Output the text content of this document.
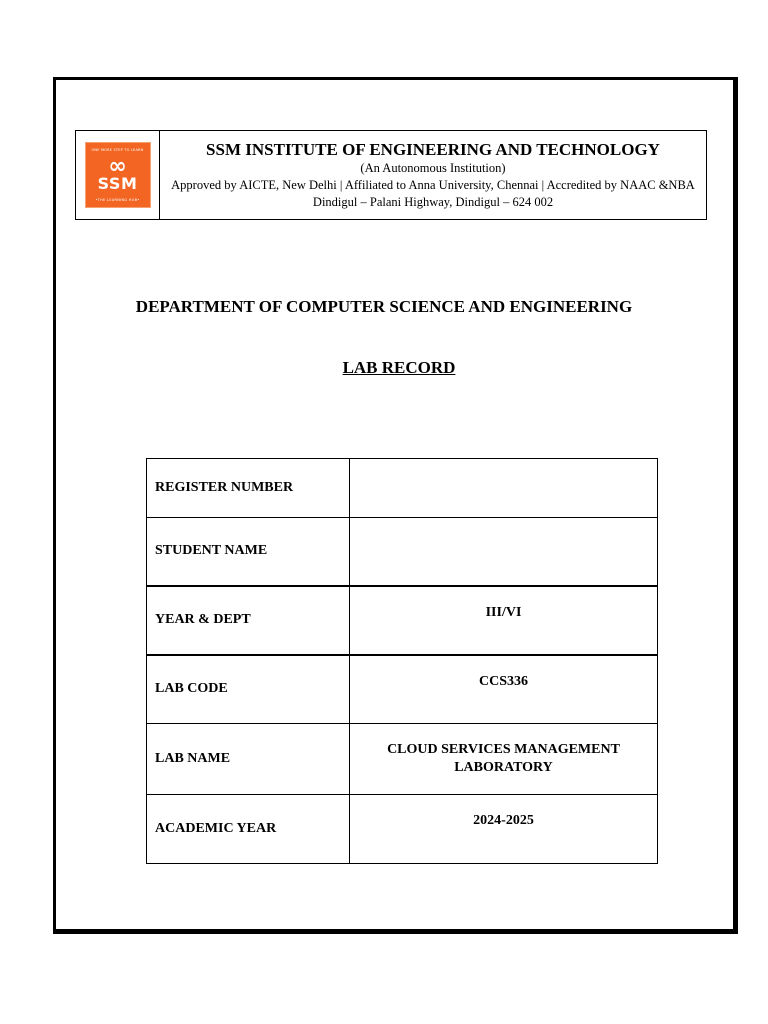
ONE MORE STEP TO LEARN
∞
SSM
•THE LEARNING HUB•
SSM INSTITUTE OF ENGINEERING AND TECHNOLOGY
(An Autonomous Institution)
Approved by AICTE, New Delhi | Affiliated to Anna University, Chennai | Accredited by NAAC &NBA
Dindigul – Palani Highway, Dindigul – 624 002
DEPARTMENT OF COMPUTER SCIENCE AND ENGINEERING
LAB RECORD
REGISTER NUMBER	
STUDENT NAME	
YEAR & DEPT	III/VI
LAB CODE	CCS336
LAB NAME	CLOUD SERVICES MANAGEMENT LABORATORY
ACADEMIC YEAR	2024-2025
